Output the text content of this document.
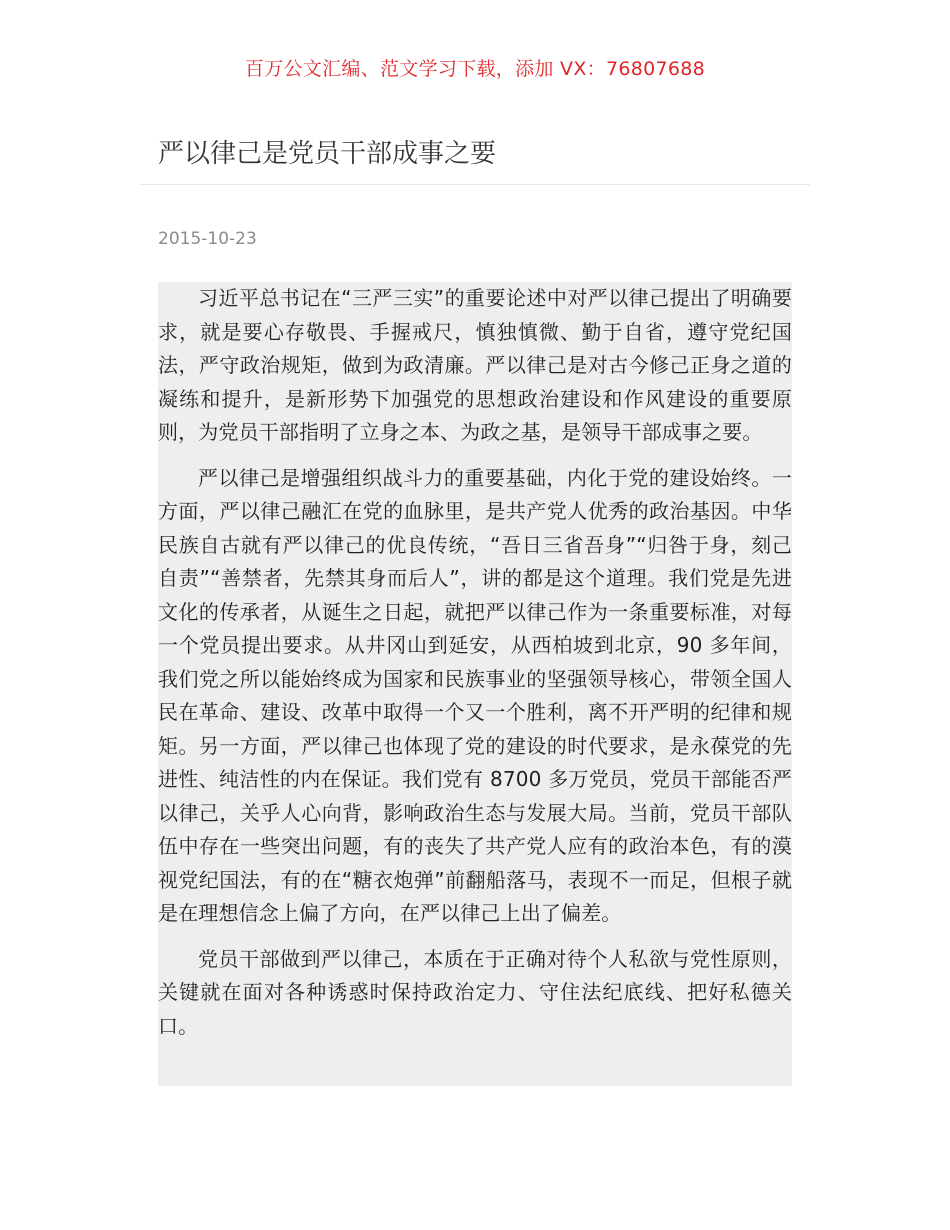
百万公文汇编、范文学习下载，添加 VX：76807688
严以律己是党员干部成事之要
2015-10-23

习近平总书记在“三严三实”的重要论述中对严以律己提出了明确要求，就是要心存敬畏、手握戒尺，慎独慎微、勤于自省，遵守党纪国法，严守政治规矩，做到为政清廉。严以律己是对古今修己正身之道的凝练和提升，是新形势下加强党的思想政治建设和作风建设的重要原则，为党员干部指明了立身之本、为政之基，是领导干部成事之要。

严以律己是增强组织战斗力的重要基础，内化于党的建设始终。一方面，严以律己融汇在党的血脉里，是共产党人优秀的政治基因。中华民族自古就有严以律己的优良传统，“吾日三省吾身”“归咎于身，刻己自责”“善禁者，先禁其身而后人”，讲的都是这个道理。我们党是先进文化的传承者，从诞生之日起，就把严以律己作为一条重要标准，对每一个党员提出要求。从井冈山到延安，从西柏坡到北京，90 多年间，我们党之所以能始终成为国家和民族事业的坚强领导核心，带领全国人民在革命、建设、改革中取得一个又一个胜利，离不开严明的纪律和规矩。另一方面，严以律己也体现了党的建设的时代要求，是永葆党的先进性、纯洁性的内在保证。我们党有 8700 多万党员，党员干部能否严以律己，关乎人心向背，影响政治生态与发展大局。当前，党员干部队伍中存在一些突出问题，有的丧失了共产党人应有的政治本色，有的漠视党纪国法，有的在“糖衣炮弹”前翻船落马，表现不一而足，但根子就是在理想信念上偏了方向，在严以律己上出了偏差。

党员干部做到严以律己，本质在于正确对待个人私欲与党性原则，关键就在面对各种诱惑时保持政治定力、守住法纪底线、把好私德关口。
